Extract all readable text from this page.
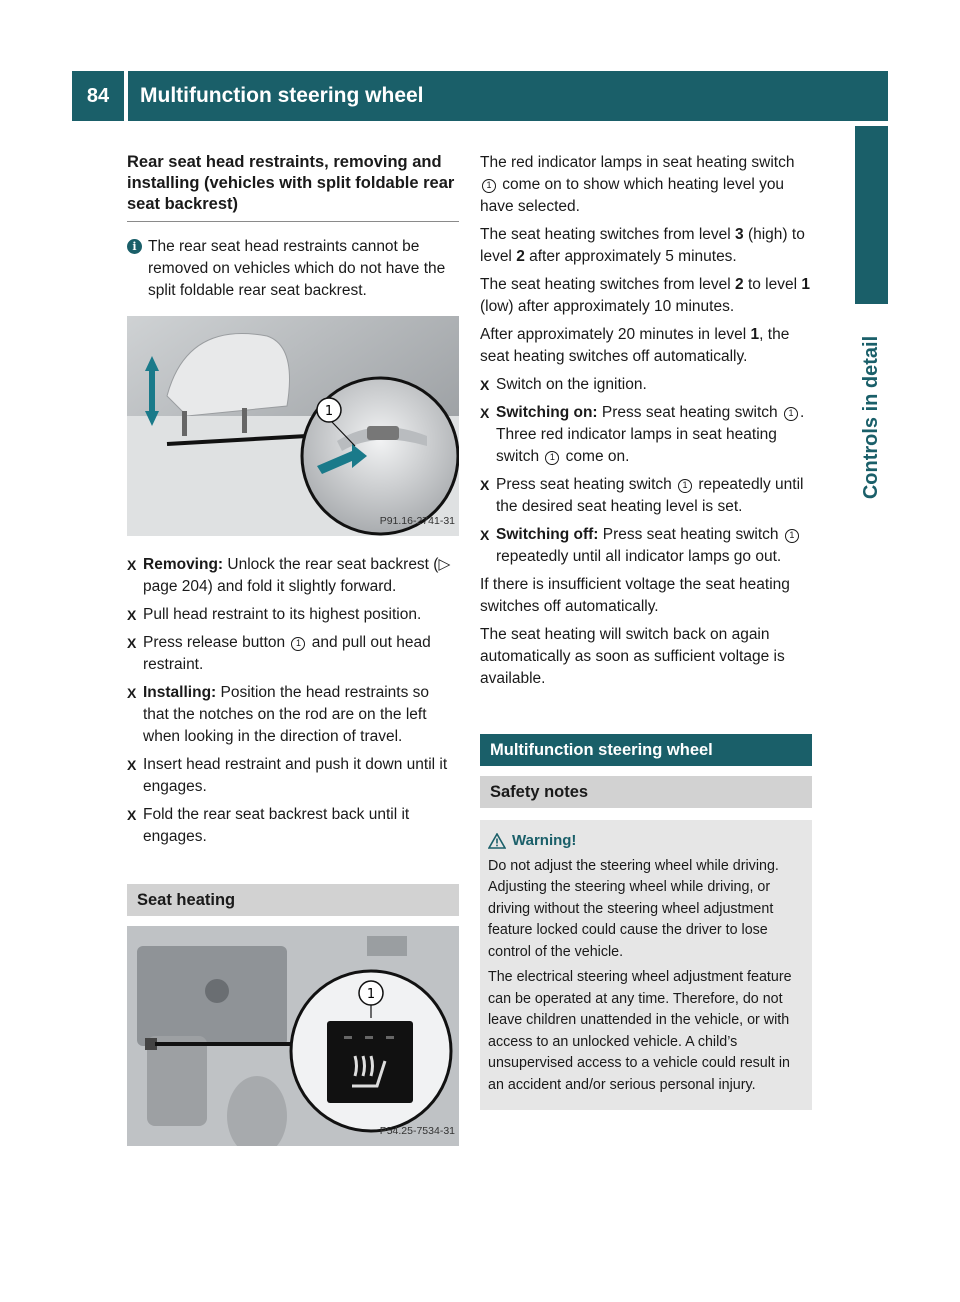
84	Multifunction steering wheel
Controls in detail
Rear seat head restraints, removing and installing (vehicles with split foldable rear seat backrest)
i The rear seat head restraints cannot be removed on vehicles which do not have the split foldable rear seat backrest.
1
P91.16-2741-31
X Removing: Unlock the rear seat backrest (▷ page 204) and fold it slightly forward.
X Pull head restraint to its highest position.
X Press release button 1 and pull out head restraint.
X Installing: Position the head restraints so that the notches on the rod are on the left when looking in the direction of travel.
X Insert head restraint and push it down until it engages.
X Fold the rear seat backrest back until it engages.
Seat heating
1
P54.25-7534-31

The red indicator lamps in seat heating switch 1 come on to show which heating level you have selected.

The seat heating switches from level 3 (high) to level 2 after approximately 5 minutes.

The seat heating switches from level 2 to level 1 (low) after approximately 10 minutes.

After approximately 20 minutes in level 1, the seat heating switches off automatically.

X Switch on the ignition.
X Switching on: Press seat heating switch 1 .
Three red indicator lamps in seat heating switch 1 come on.
X Press seat heating switch 1 repeatedly until the desired seat heating level is set.
X Switching off: Press seat heating switch 1 repeatedly until all indicator lamps go out.

If there is insufficient voltage the seat heating switches off automatically.

The seat heating will switch back on again automatically as soon as sufficient voltage is available.

Multifunction steering wheel
Safety notes
Warning!

Do not adjust the steering wheel while driving. Adjusting the steering wheel while driving, or driving without the steering wheel adjustment feature locked could cause the driver to lose control of the vehicle.

The electrical steering wheel adjustment feature can be operated at any time. Therefore, do not leave children unattended in the vehicle, or with access to an unlocked vehicle. A child’s unsupervised access to a vehicle could result in an accident and/or serious personal injury.
